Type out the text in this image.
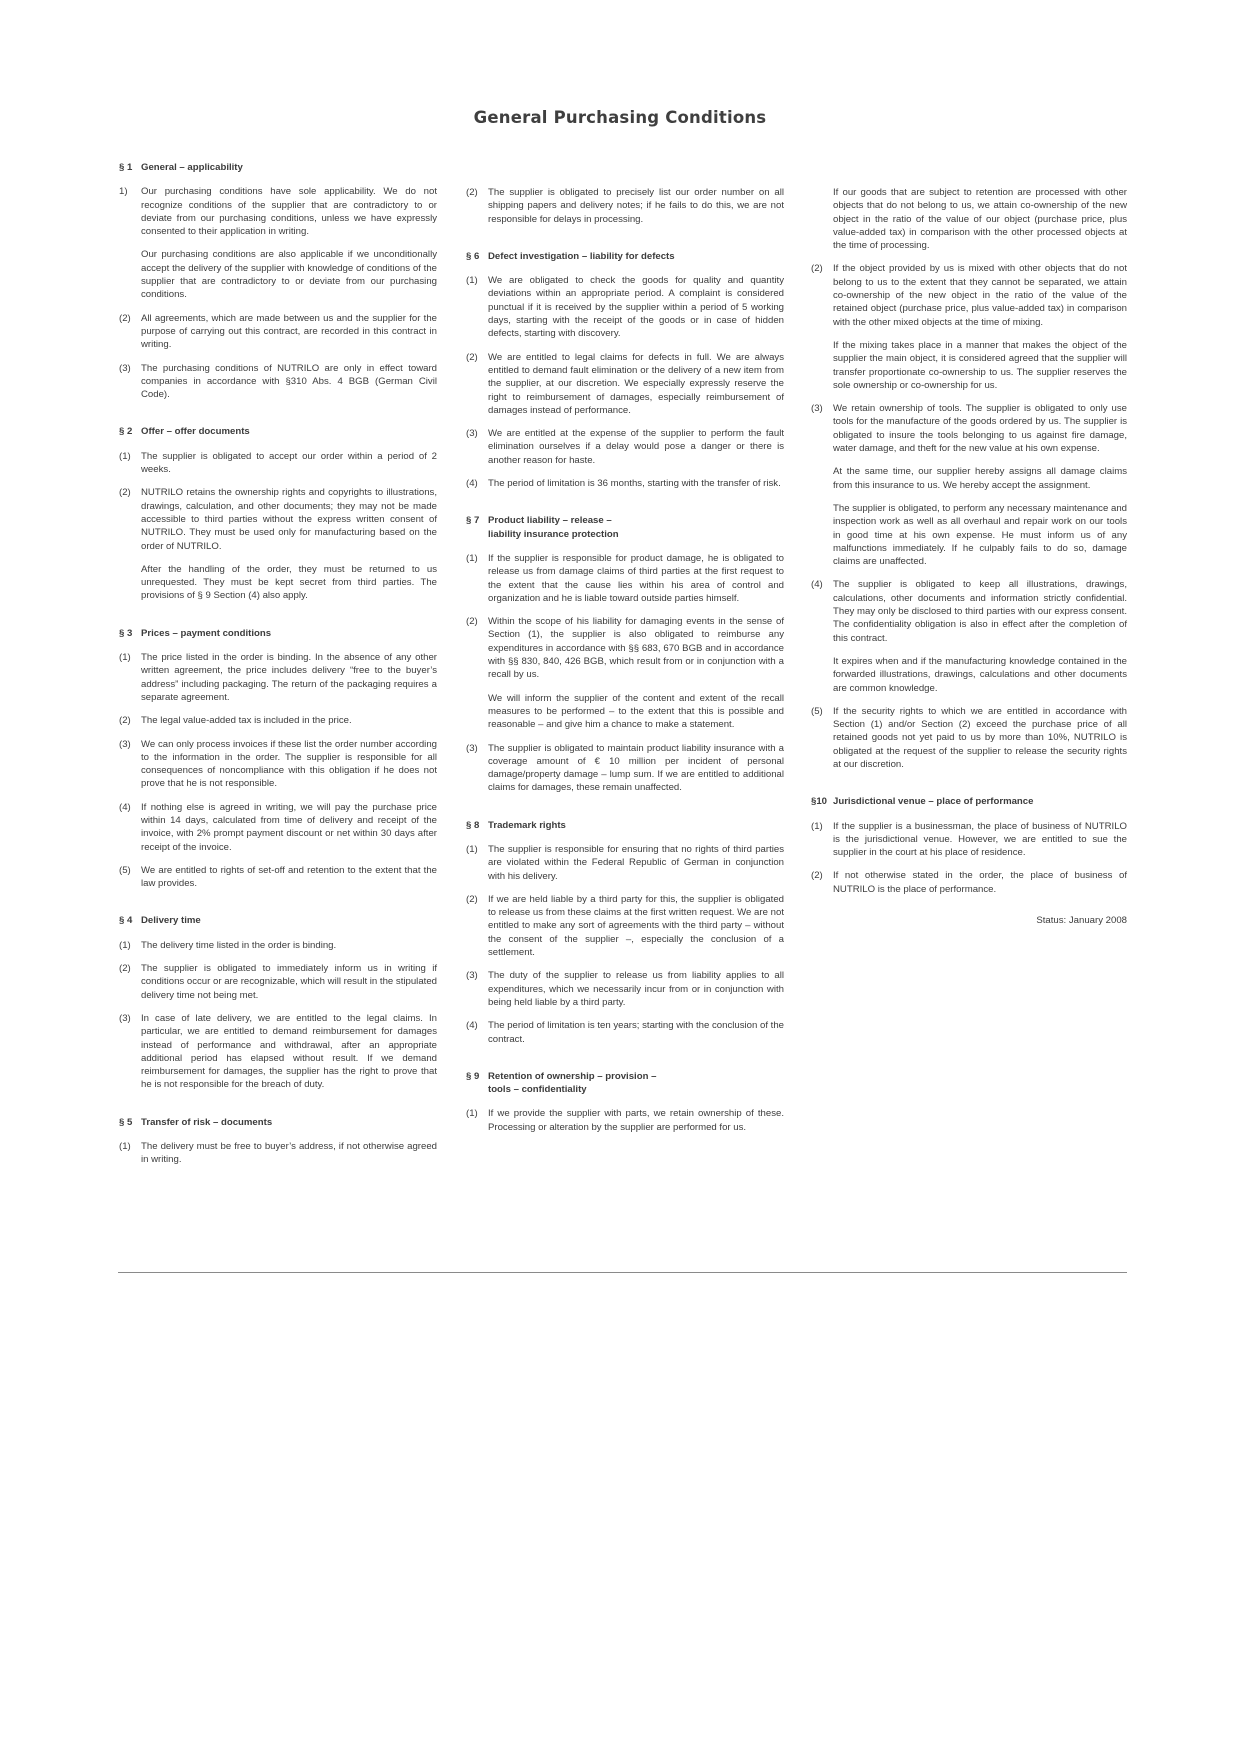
General Purchasing Conditions
§ 1 General – applicability
1)	Our purchasing conditions have sole applicability. We do not recognize conditions of the supplier that are contradictory to or deviate from our purchasing conditions, unless we have expressly consented to their application in writing.
Our purchasing conditions are also applicable if we unconditionally accept the delivery of the supplier with knowledge of conditions of the supplier that are contradictory to or deviate from our purchasing conditions.
(2)	All agreements, which are made between us and the supplier for the purpose of carrying out this contract, are recorded in this contract in writing.
(3)	The purchasing conditions of NUTRILO are only in effect toward companies in accordance with §310 Abs. 4 BGB (German Civil Code).
§ 2 Offer – offer documents
(1)	The supplier is obligated to accept our order within a period of 2 weeks.
(2)	NUTRILO retains the ownership rights and copyrights to illustrations, drawings, calculation, and other documents; they may not be made accessible to third parties without the express written consent of NUTRILO. They must be used only for manufacturing based on the order of NUTRILO.
After the handling of the order, they must be returned to us unrequested. They must be kept secret from third parties. The provisions of § 9 Section (4) also apply.
§ 3 Prices – payment conditions
(1)	The price listed in the order is binding. In the absence of any other written agreement, the price includes delivery “free to the buyer’s address” including packaging. The return of the packaging requires a separate agreement.
(2)	The legal value-added tax is included in the price.
(3)	We can only process invoices if these list the order number according to the information in the order. The supplier is responsible for all consequences of noncompliance with this obligation if he does not prove that he is not responsible.
(4)	If nothing else is agreed in writing, we will pay the purchase price within 14 days, calculated from time of delivery and receipt of the invoice, with 2% prompt payment discount or net within 30 days after receipt of the invoice.
(5)	We are entitled to rights of set-off and retention to the extent that the law provides.
§ 4 Delivery time
(1)	The delivery time listed in the order is binding.
(2)	The supplier is obligated to immediately inform us in writing if conditions occur or are recognizable, which will result in the stipulated delivery time not being met.
(3)	In case of late delivery, we are entitled to the legal claims. In particular, we are entitled to demand reimbursement for damages instead of performance and withdrawal, after an appropriate additional period has elapsed without result. If we demand reimbursement for damages, the supplier has the right to prove that he is not responsible for the breach of duty.
§ 5 Transfer of risk – documents
(1)	The delivery must be free to buyer’s address, if not otherwise agreed in writing.
(2)	The supplier is obligated to precisely list our order number on all shipping papers and delivery notes; if he fails to do this, we are not responsible for delays in processing.
§ 6 Defect investigation – liability for defects
(1)	We are obligated to check the goods for quality and quantity deviations within an appropriate period. A complaint is considered punctual if it is received by the supplier within a period of 5 working days, starting with the receipt of the goods or in case of hidden defects, starting with discovery.
(2)	We are entitled to legal claims for defects in full. We are always entitled to demand fault elimination or the delivery of a new item from the supplier, at our discretion. We especially expressly reserve the right to reimbursement of damages, especially reimbursement of damages instead of performance.
(3)	We are entitled at the expense of the supplier to perform the fault elimination ourselves if a delay would pose a danger or there is another reason for haste.
(4)	The period of limitation is 36 months, starting with the transfer of risk.
§ 7 Product liability – release –
liability insurance protection
(1)	If the supplier is responsible for product damage, he is obligated to release us from damage claims of third parties at the first request to the extent that the cause lies within his area of control and organization and he is liable toward outside parties himself.
(2)	Within the scope of his liability for damaging events in the sense of Section (1), the supplier is also obligated to reimburse any expenditures in accordance with §§ 683, 670 BGB and in accordance with §§ 830, 840, 426 BGB, which result from or in conjunction with a recall by us.
We will inform the supplier of the content and extent of the recall measures to be performed – to the extent that this is possible and reasonable – and give him a chance to make a statement.
(3)	The supplier is obligated to maintain product liability insurance with a coverage amount of € 10 million per incident of personal damage/property damage – lump sum. If we are entitled to additional claims for damages, these remain unaffected.
§ 8 Trademark rights
(1)	The supplier is responsible for ensuring that no rights of third parties are violated within the Federal Republic of German in conjunction with his delivery.
(2)	If we are held liable by a third party for this, the supplier is obligated to release us from these claims at the first written request. We are not entitled to make any sort of agreements with the third party – without the consent of the supplier –, especially the conclusion of a settlement.
(3)	The duty of the supplier to release us from liability applies to all expenditures, which we necessarily incur from or in conjunction with being held liable by a third party.
(4)	The period of limitation is ten years; starting with the conclusion of the contract.
§ 9 Retention of ownership – provision –
tools – confidentiality
(1)	If we provide the supplier with parts, we retain ownership of these. Processing or alteration by the supplier are performed for us.
If our goods that are subject to retention are processed with other objects that do not belong to us, we attain co-ownership of the new object in the ratio of the value of our object (purchase price, plus value-added tax) in comparison with the other processed objects at the time of processing.
(2)	If the object provided by us is mixed with other objects that do not belong to us to the extent that they cannot be separated, we attain co-ownership of the new object in the ratio of the value of the retained object (purchase price, plus value-added tax) in comparison with the other mixed objects at the time of mixing.
If the mixing takes place in a manner that makes the object of the supplier the main object, it is considered agreed that the supplier will transfer proportionate co-ownership to us. The supplier reserves the sole ownership or co-ownership for us.
(3)	We retain ownership of tools. The supplier is obligated to only use tools for the manufacture of the goods ordered by us. The supplier is obligated to insure the tools belonging to us against fire damage, water damage, and theft for the new value at his own expense.
At the same time, our supplier hereby assigns all damage claims from this insurance to us. We hereby accept the assignment.
The supplier is obligated, to perform any necessary maintenance and inspection work as well as all overhaul and repair work on our tools in good time at his own expense. He must inform us of any malfunctions immediately. If he culpably fails to do so, damage claims are unaffected.
(4)	The supplier is obligated to keep all illustrations, drawings, calculations, other documents and information strictly confidential. They may only be disclosed to third parties with our express consent. The confidentiality obligation is also in effect after the completion of this contract.
It expires when and if the manufacturing knowledge contained in the forwarded illustrations, drawings, calculations and other documents are common knowledge.
(5)	If the security rights to which we are entitled in accordance with Section (1) and/or Section (2) exceed the purchase price of all retained goods not yet paid to us by more than 10%, NUTRILO is obligated at the request of the supplier to release the security rights at our discretion.
§10 Jurisdictional venue – place of performance
(1)	If the supplier is a businessman, the place of business of NUTRILO is the jurisdictional venue. However, we are entitled to sue the supplier in the court at his place of residence.
(2)	If not otherwise stated in the order, the place of business of NUTRILO is the place of performance.
Status: January 2008
